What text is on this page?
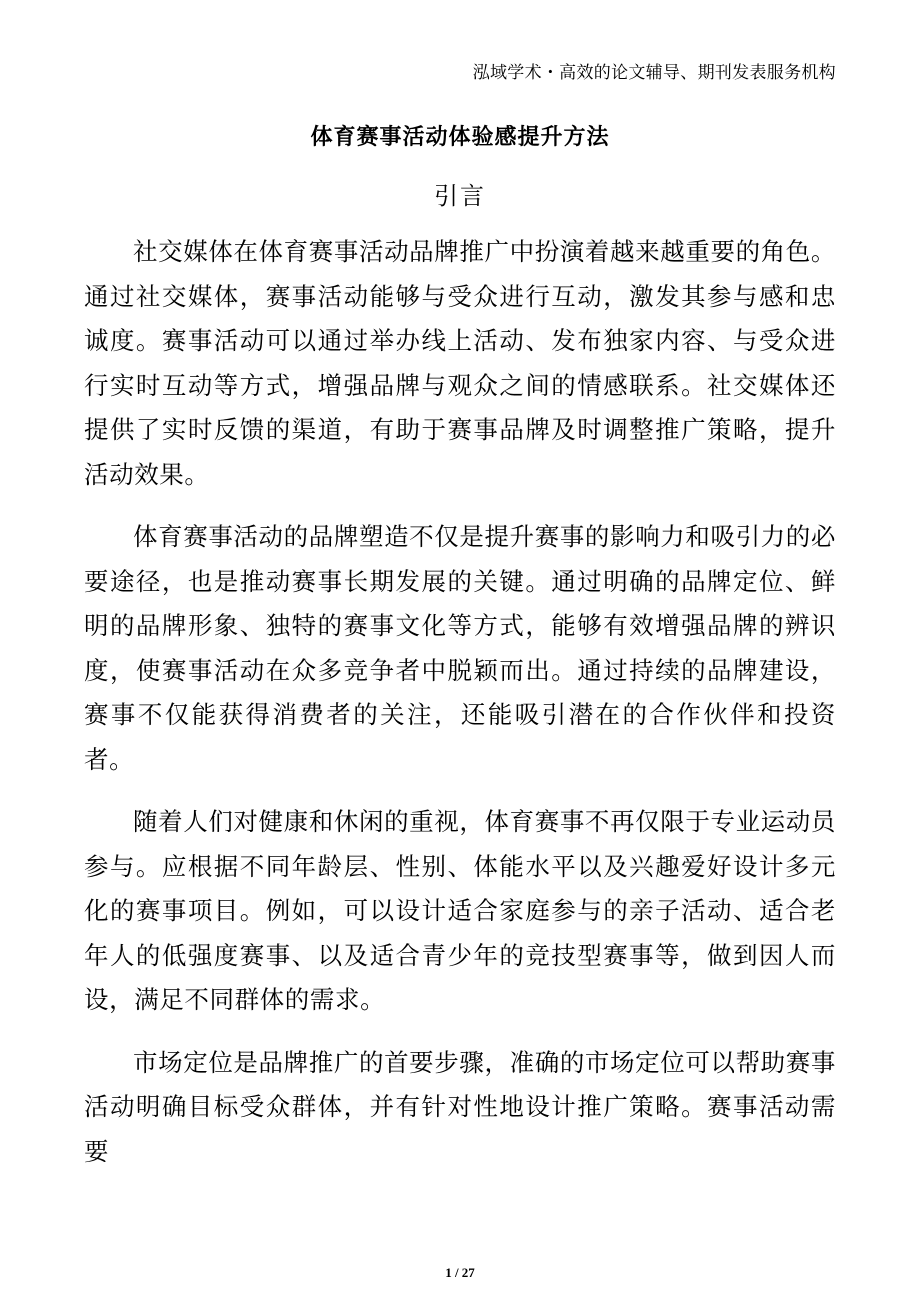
泓域学术・高效的论文辅导、期刊发表服务机构
体育赛事活动体验感提升方法
引言

社交媒体在体育赛事活动品牌推广中扮演着越来越重要的角色。通过社交媒体，赛事活动能够与受众进行互动，激发其参与感和忠诚度。赛事活动可以通过举办线上活动、发布独家内容、与受众进行实时互动等方式，增强品牌与观众之间的情感联系。社交媒体还提供了实时反馈的渠道，有助于赛事品牌及时调整推广策略，提升活动效果。

体育赛事活动的品牌塑造不仅是提升赛事的影响力和吸引力的必要途径，也是推动赛事长期发展的关键。通过明确的品牌定位、鲜明的品牌形象、独特的赛事文化等方式，能够有效增强品牌的辨识度，使赛事活动在众多竞争者中脱颖而出。通过持续的品牌建设，赛事不仅能获得消费者的关注，还能吸引潜在的合作伙伴和投资者。

随着人们对健康和休闲的重视，体育赛事不再仅限于专业运动员参与。应根据不同年龄层、性别、体能水平以及兴趣爱好设计多元化的赛事项目。例如，可以设计适合家庭参与的亲子活动、适合老年人的低强度赛事、以及适合青少年的竞技型赛事等，做到因人而设，满足不同群体的需求。

市场定位是品牌推广的首要步骤，准确的市场定位可以帮助赛事活动明确目标受众群体，并有针对性地设计推广策略。赛事活动需要

1 / 27
